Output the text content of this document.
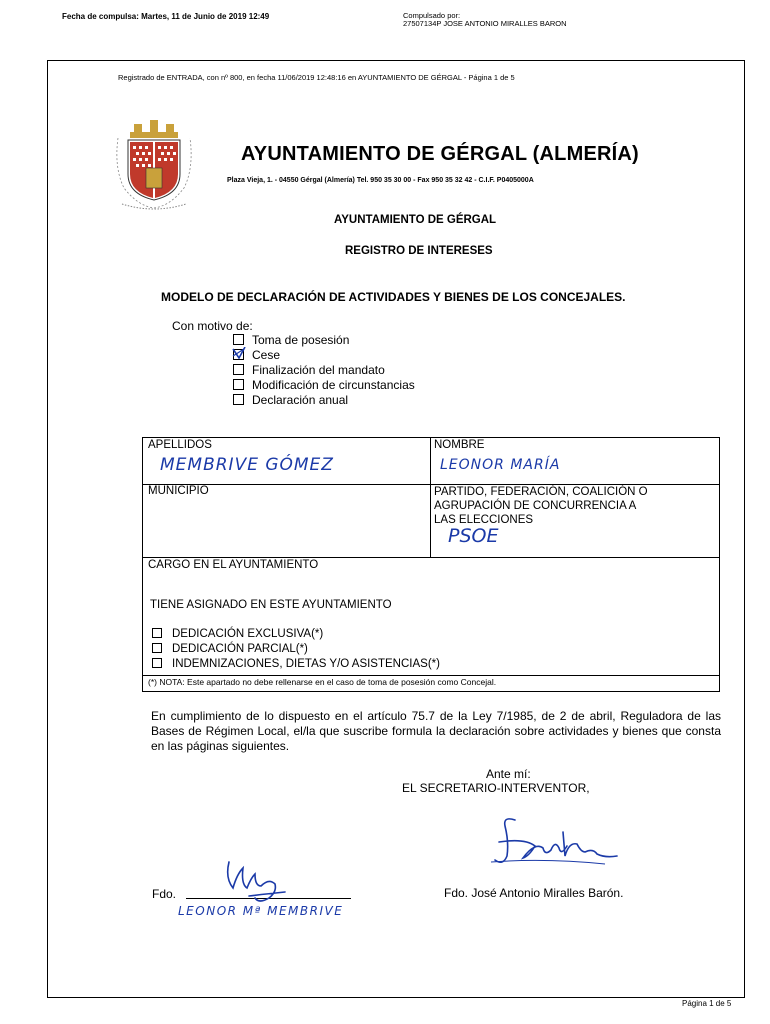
Fecha de compulsa: Martes, 11 de Junio de 2019 12:49	Compulsado por:
27507134P JOSE ANTONIO MIRALLES BARON
Registrado de ENTRADA, con nº 800, en fecha 11/06/2019 12:48:16 en AYUNTAMIENTO DE GÉRGAL - Página 1 de 5
AYUNTAMIENTO DE GÉRGAL (ALMERÍA)
Plaza Vieja, 1. - 04550 Gérgal (Almería) Tel. 950 35 30 00 - Fax 950 35 32 42 - C.I.F. P0405000A
AYUNTAMIENTO DE GÉRGAL
REGISTRO DE INTERESES
MODELO DE DECLARACIÓN DE ACTIVIDADES Y BIENES DE LOS CONCEJALES.
Con motivo de:
Toma de posesión
Cese
Finalización del mandato
Modificación de circunstancias
Declaración anual
APELLIDOS
MEMBRIVE GÓMEZ
NOMBRE
LEONOR MARÍA
MUNICIPIO	PARTIDO, FEDERACIÓN, COALICIÓN O
AGRUPACIÓN DE CONCURRENCIA A
LAS ELECCIONES
PSOE
CARGO EN EL AYUNTAMIENTO
TIENE ASIGNADO EN ESTE AYUNTAMIENTO
DEDICACIÓN EXCLUSIVA(*)
DEDICACIÓN PARCIAL(*)
INDEMNIZACIONES, DIETAS Y/O ASISTENCIAS(*)
(*) NOTA: Este apartado no debe rellenarse en el caso de toma de posesión como Concejal.
En cumplimiento de lo dispuesto en el artículo 75.7 de la Ley 7/1985, de 2 de abril, Reguladora de las Bases de Régimen Local, el/la que suscribe formula la declaración sobre actividades y bienes que consta en las páginas siguientes.
Ante mí:
EL SECRETARIO-INTERVENTOR,
Fdo.
LEONOR Mª MEMBRIVE
Fdo. José Antonio Miralles Barón.
Página 1 de 5
